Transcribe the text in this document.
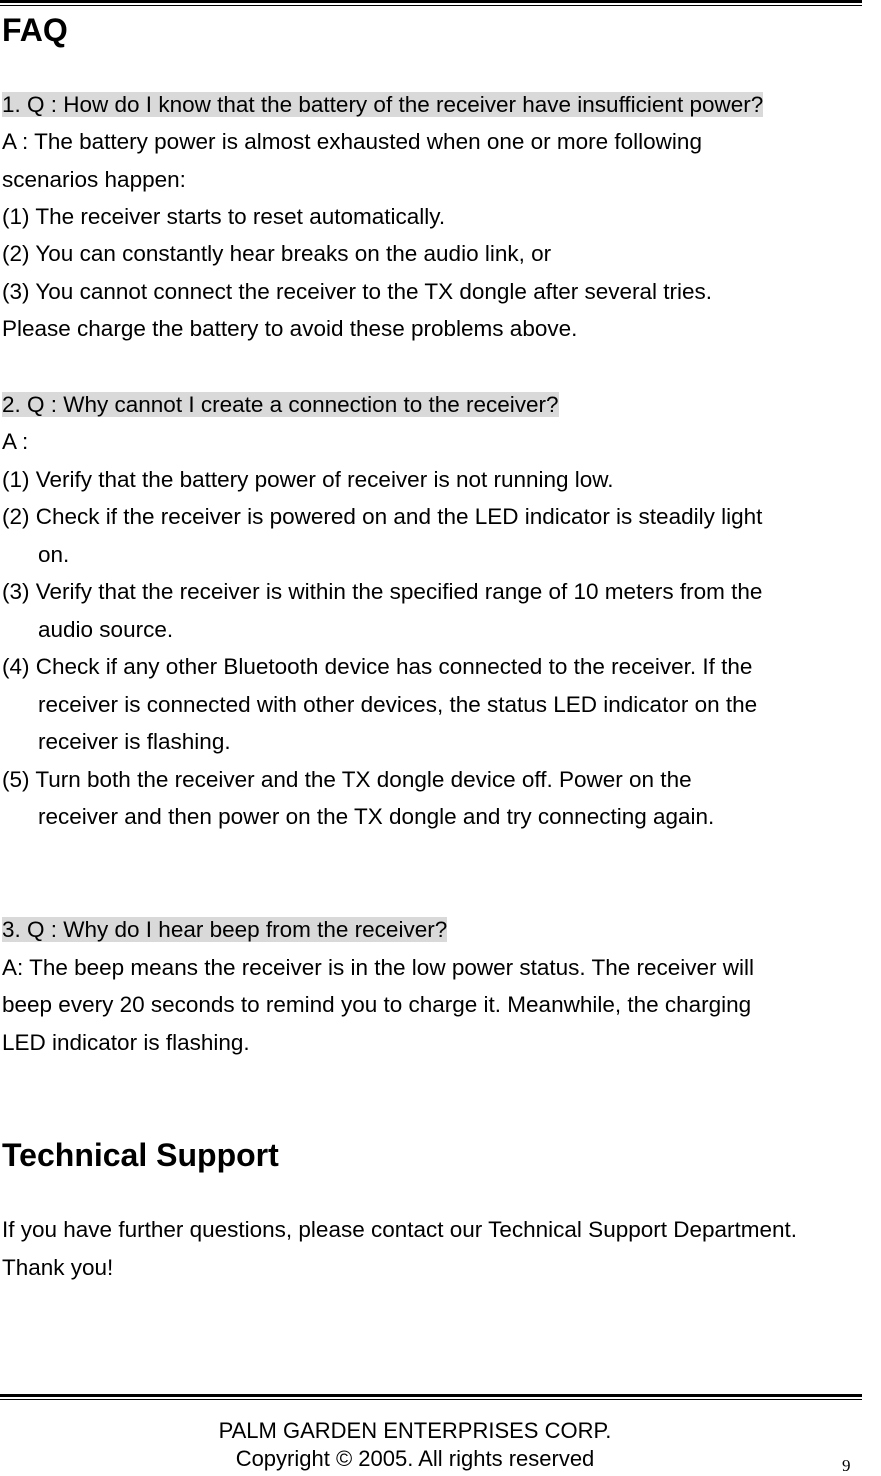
FAQ
1. Q : How do I know that the battery of the receiver have insufficient power?
A : The battery power is almost exhausted when one or more following
scenarios happen:
(1) The receiver starts to reset automatically.
(2) You can constantly hear breaks on the audio link, or
(3) You cannot connect the receiver to the TX dongle after several tries.
Please charge the battery to avoid these problems above.
2. Q : Why cannot I create a connection to the receiver?
A :
(1) Verify that the battery power of receiver is not running low.
(2) Check if the receiver is powered on and the LED indicator is steadily light
on.
(3) Verify that the receiver is within the specified range of 10 meters from the
audio source.
(4) Check if any other Bluetooth device has connected to the receiver. If the
receiver is connected with other devices, the status LED indicator on the
receiver is flashing.
(5) Turn both the receiver and the TX dongle device off. Power on the
receiver and then power on the TX dongle and try connecting again.
3. Q : Why do I hear beep from the receiver?
A: The beep means the receiver is in the low power status. The receiver will
beep every 20 seconds to remind you to charge it. Meanwhile, the charging
LED indicator is flashing.
Technical Support
If you have further questions, please contact our Technical Support Department.
Thank you!
PALM GARDEN ENTERPRISES CORP.
Copyright © 2005. All rights reserved	9
